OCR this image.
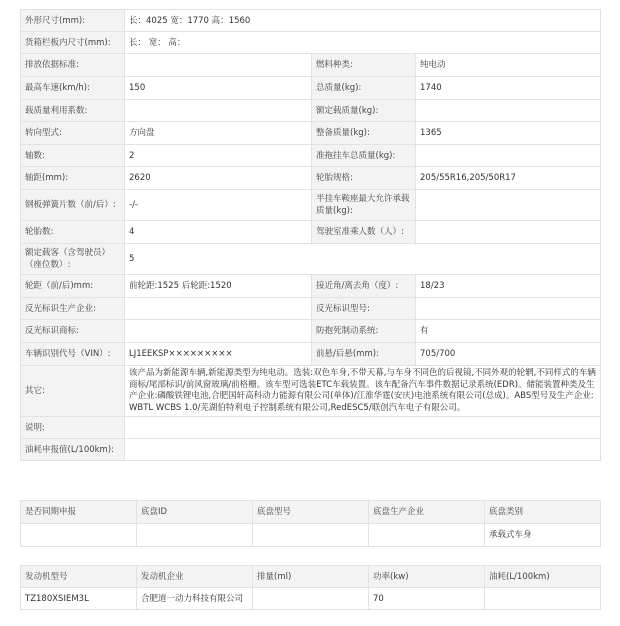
外形尺寸(mm):	长：4025 宽：1770 高：1560		
货箱栏板内尺寸(mm):	长： 宽： 高：		
排放依据标准:		燃料种类:	纯电动
最高车速(km/h):	150	总质量(kg):	1740
载质量利用系数:		额定载质量(kg):	
转向型式:	方向盘	整备质量(kg):	1365
轴数:	2	准拖挂车总质量(kg):	
轴距(mm):	2620	轮胎规格:	205/55R16,205/50R17
钢板弹簧片数（前/后）:	-/-	半挂车鞍座最大允许承载质量(kg):	
轮胎数:	4	驾驶室准乘人数（人）:	
额定载客（含驾驶员）（座位数）:	5		
轮距（前/后)mm:	前轮距:1525 后轮距:1520	接近角/离去角（度）:	18/23
反光标识生产企业:		反光标识型号:	
反光标识商标:		防抱死制动系统:	有
车辆识别代号（VIN）:	LJ1EEKSP×××××××××	前悬/后悬(mm):	705/700
其它:	该产品为新能源车辆,新能源类型为纯电动。选装:双色车身,不带天幕,与车身不同色的后视镜,不同外观的轮辋,不同样式的车辆商标/尾部标识/前风窗玻璃/前格栅。该车型可选装ETC车载装置。该车配备汽车事件数据记录系统(EDR)。储能装置种类及生产企业:磷酸铁锂电池,合肥国轩高科动力能源有限公司(单体)/江淮华霆(安庆)电池系统有限公司(总成)。ABS型号及生产企业:WBTL WCBS 1.0/芜湖伯特利电子控制系统有限公司,RedESC5/联创汽车电子有限公司。		
说明:			
油耗申报值(L/100km):			
是否同期申报	底盘ID	底盘型号	底盘生产企业	底盘类别
				承载式车身
发动机型号	发动机企业	排量(ml)	功率(kw)	油耗(L/100km)
TZ180XSIEM3L	合肥道一动力科技有限公司		70	
